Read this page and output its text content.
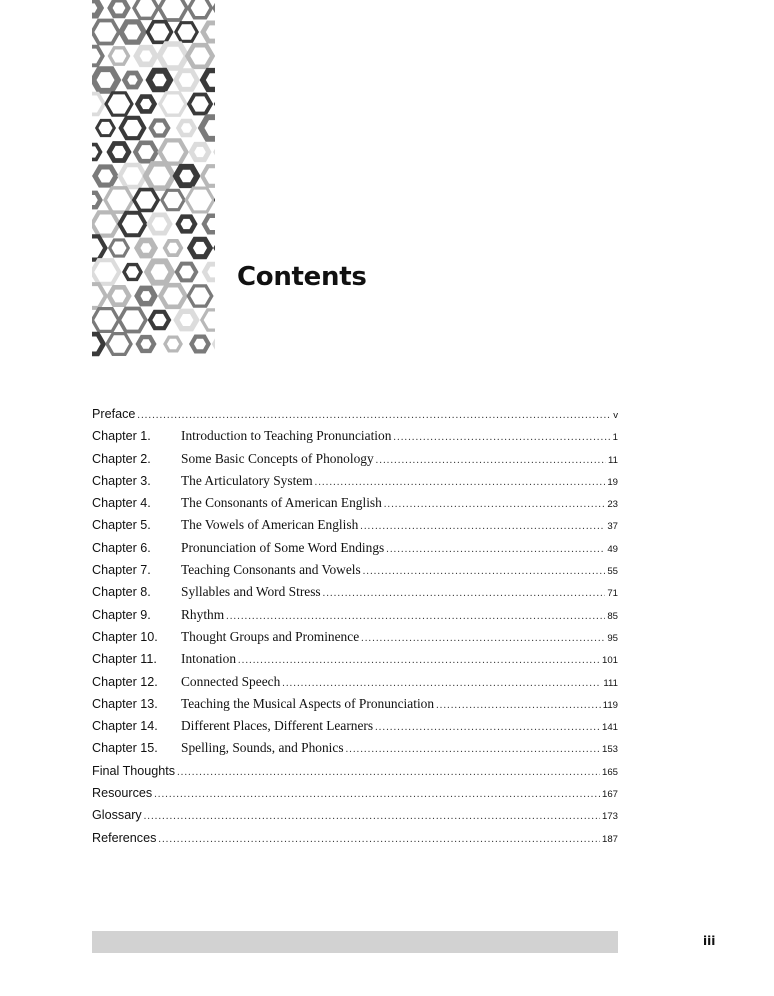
Contents
Preface .....	v
Chapter 1.	Introduction to Teaching Pronunciation .....	1
Chapter 2.	Some Basic Concepts of Phonology .....	11
Chapter 3.	The Articulatory System .....	19
Chapter 4.	The Consonants of American English .....	23
Chapter 5.	The Vowels of American English .....	37
Chapter 6.	Pronunciation of Some Word Endings .....	49
Chapter 7.	Teaching Consonants and Vowels .....	55
Chapter 8.	Syllables and Word Stress .....	71
Chapter 9.	Rhythm .....	85
Chapter 10.	Thought Groups and Prominence .....	95
Chapter 11.	Intonation .....	101
Chapter 12.	Connected Speech .....	111
Chapter 13.	Teaching the Musical Aspects of Pronunciation .....	119
Chapter 14.	Different Places, Different Learners .....	141
Chapter 15.	Spelling, Sounds, and Phonics .....	153
Final Thoughts .....	165
Resources .....	167
Glossary .....	173
References .....	187
iii
